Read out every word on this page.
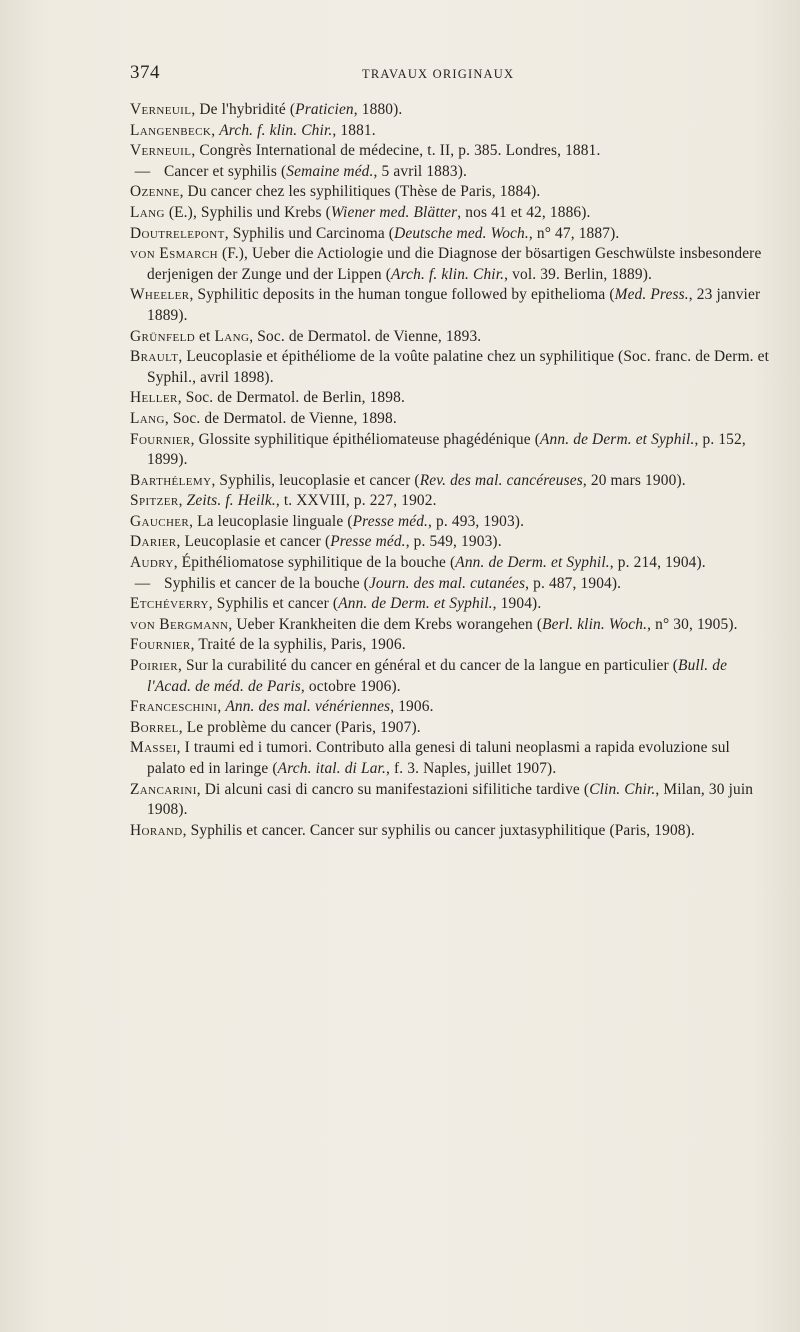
374	TRAVAUX ORIGINAUX
Verneuil, De l'hybridité (Praticien, 1880).
Langenbeck, Arch. f. klin. Chir., 1881.
Verneuil, Congrès International de médecine, t. II, p. 385. Londres, 1881.
— Cancer et syphilis (Semaine méd., 5 avril 1883).
Ozenne, Du cancer chez les syphilitiques (Thèse de Paris, 1884).
Lang (E.), Syphilis und Krebs (Wiener med. Blätter, nos 41 et 42, 1886).
Doutrelepont, Syphilis und Carcinoma (Deutsche med. Woch., n° 47, 1887).
von Esmarch (F.), Ueber die Actiologie und die Diagnose der bösartigen Geschwülste insbesondere derjenigen der Zunge und der Lippen (Arch. f. klin. Chir., vol. 39. Berlin, 1889).
Wheeler, Syphilitic deposits in the human tongue followed by epithelioma (Med. Press., 23 janvier 1889).
Grünfeld et Lang, Soc. de Dermatol. de Vienne, 1893.
Brault, Leucoplasie et épithéliome de la voûte palatine chez un syphilitique (Soc. franc. de Derm. et Syphil., avril 1898).
Heller, Soc. de Dermatol. de Berlin, 1898.
Lang, Soc. de Dermatol. de Vienne, 1898.
Fournier, Glossite syphilitique épithéliomateuse phagédénique (Ann. de Derm. et Syphil., p. 152, 1899).
Barthélemy, Syphilis, leucoplasie et cancer (Rev. des mal. cancéreuses, 20 mars 1900).
Spitzer, Zeits. f. Heilk., t. XXVIII, p. 227, 1902.
Gaucher, La leucoplasie linguale (Presse méd., p. 493, 1903).
Darier, Leucoplasie et cancer (Presse méd., p. 549, 1903).
Audry, Épithéliomatose syphilitique de la bouche (Ann. de Derm. et Syphil., p. 214, 1904).
— Syphilis et cancer de la bouche (Journ. des mal. cutanées, p. 487, 1904).
Etchéverry, Syphilis et cancer (Ann. de Derm. et Syphil., 1904).
von Bergmann, Ueber Krankheiten die dem Krebs worangehen (Berl. klin. Woch., n° 30, 1905).
Fournier, Traité de la syphilis, Paris, 1906.
Poirier, Sur la curabilité du cancer en général et du cancer de la langue en particulier (Bull. de l'Acad. de méd. de Paris, octobre 1906).
Franceschini, Ann. des mal. vénériennes, 1906.
Borrel, Le problème du cancer (Paris, 1907).
Massei, I traumi ed i tumori. Contributo alla genesi di taluni neoplasmi a rapida evoluzione sul palato ed in laringe (Arch. ital. di Lar., f. 3. Naples, juillet 1907).
Zancarini, Di alcuni casi di cancro su manifestazioni sifilitiche tardive (Clin. Chir., Milan, 30 juin 1908).
Horand, Syphilis et cancer. Cancer sur syphilis ou cancer juxtasyphilitique (Paris, 1908).
